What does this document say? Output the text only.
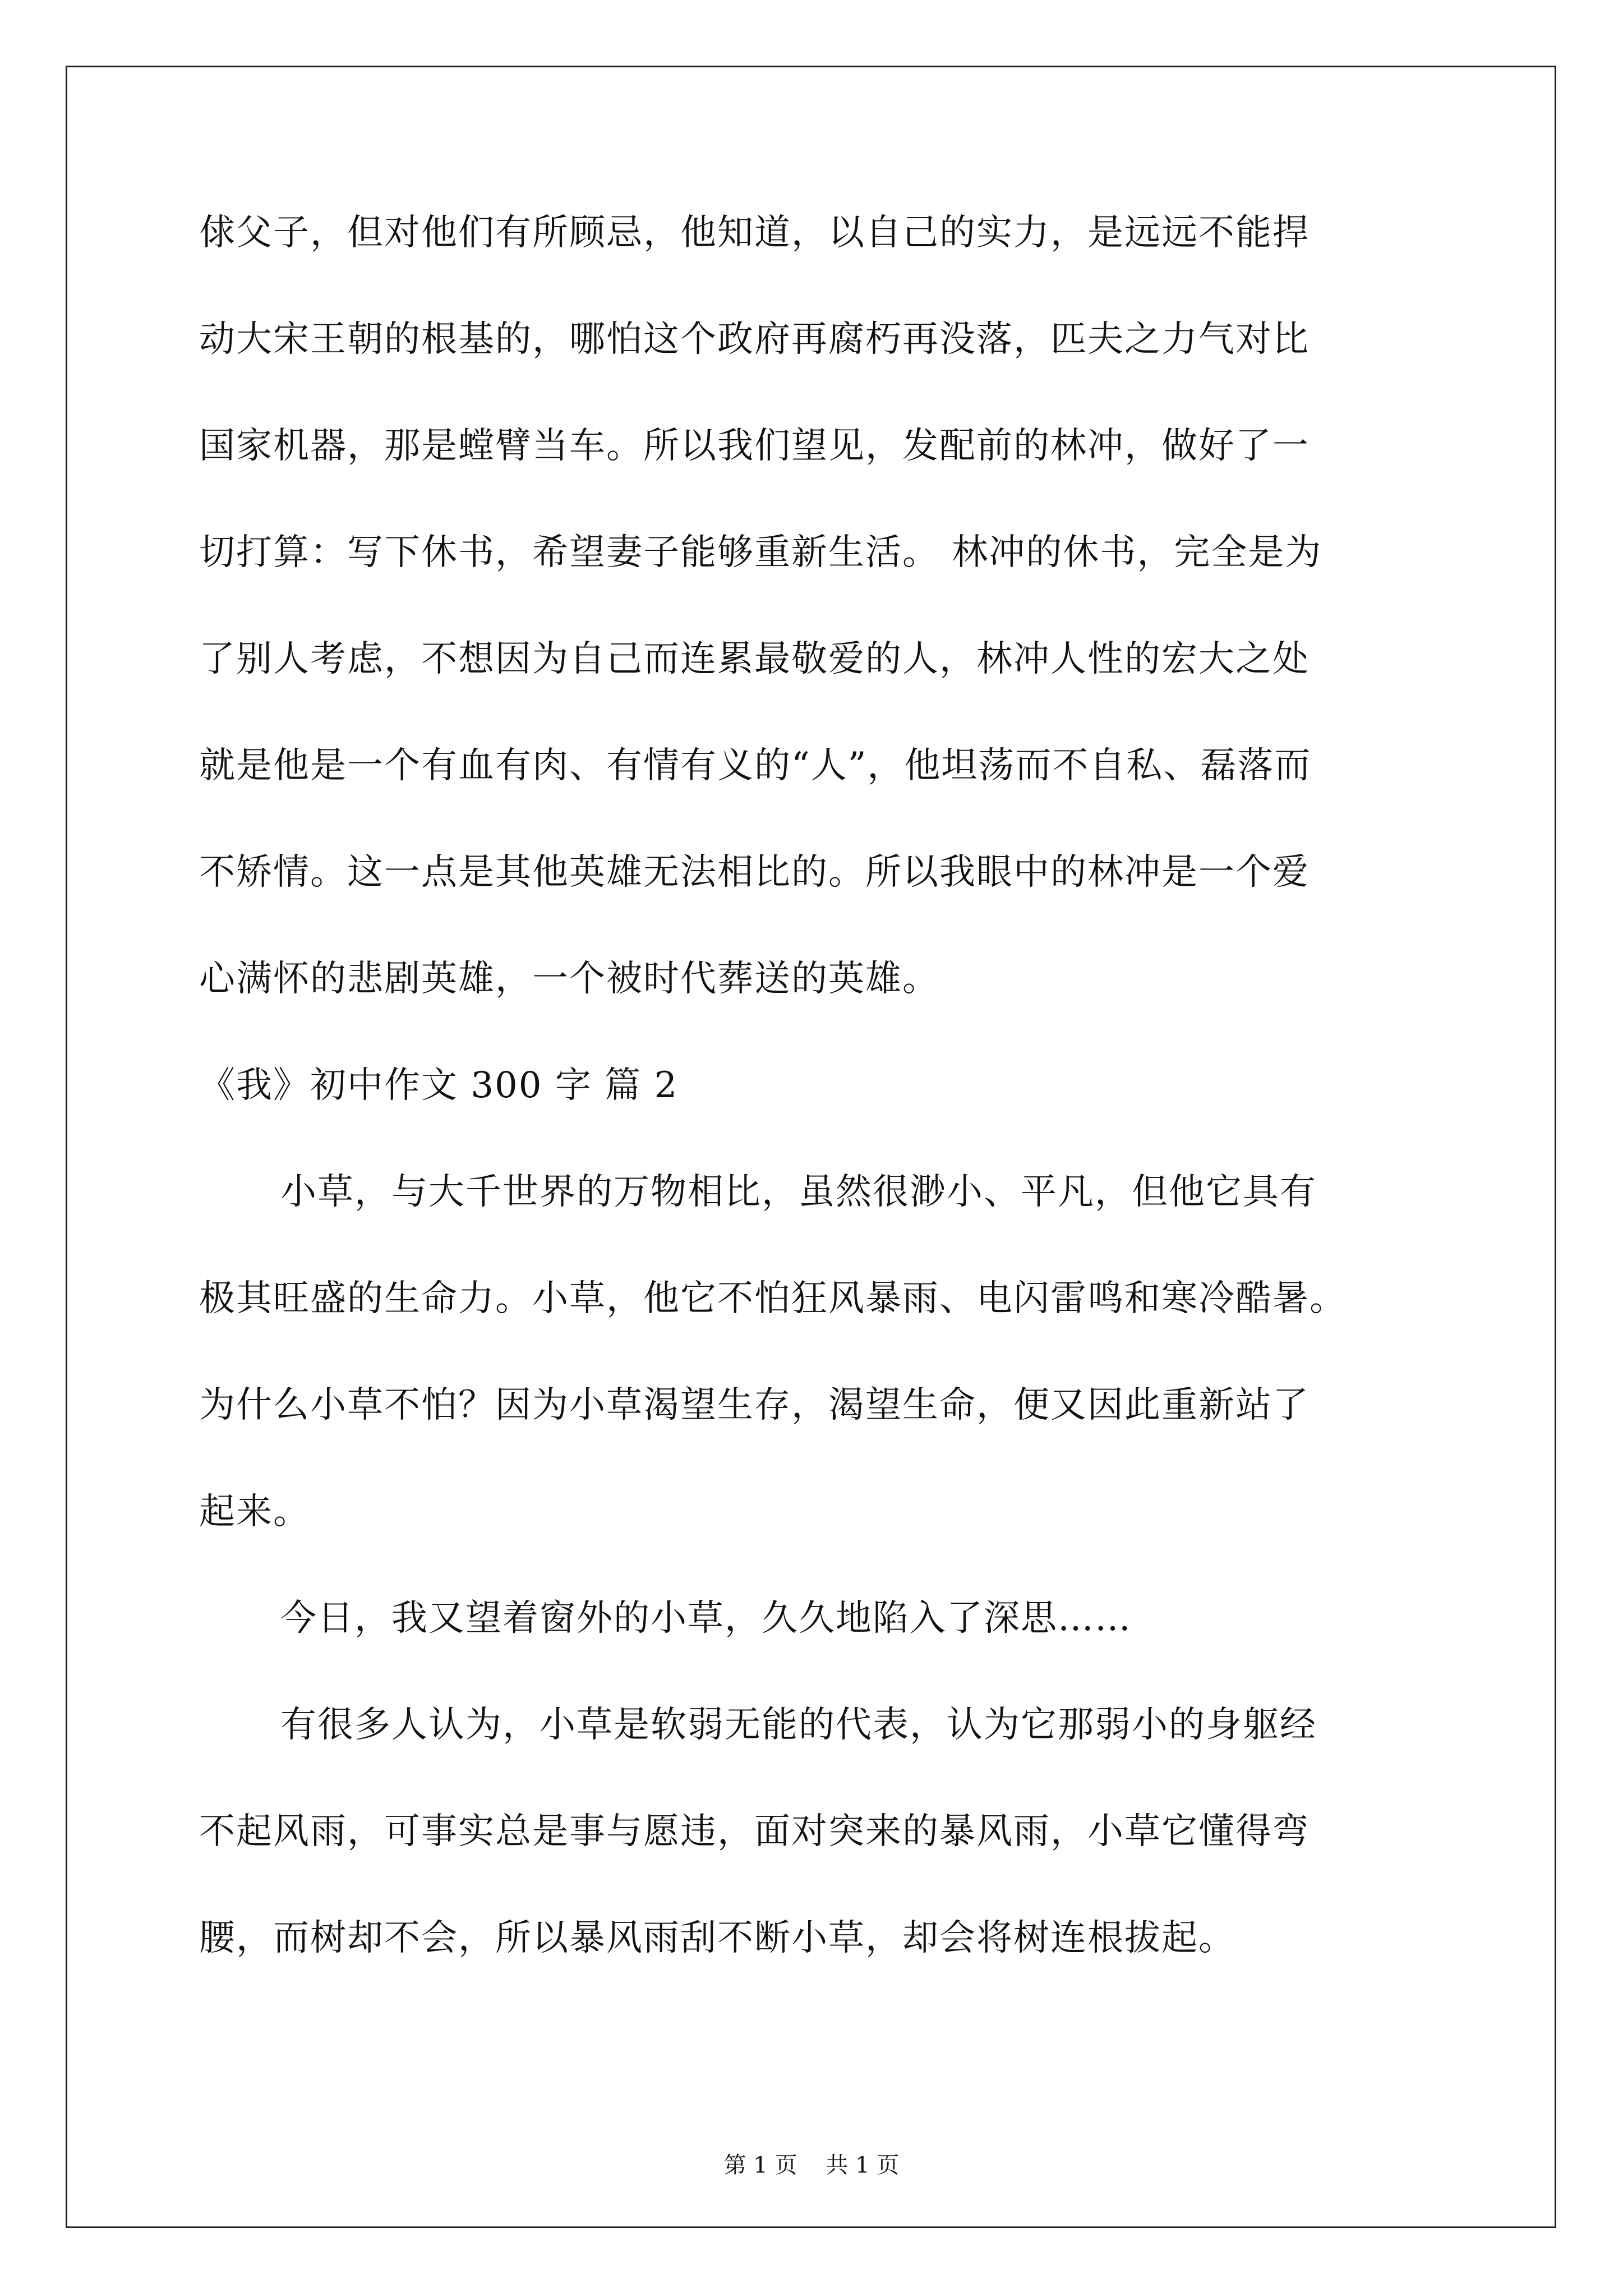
俅父子，但对他们有所顾忌，他知道，以自己的实力，是远远不能捍
动大宋王朝的根基的，哪怕这个政府再腐朽再没落，匹夫之力气对比
国家机器，那是螳臂当车。所以我们望见，发配前的林冲，做好了一
切打算：写下休书，希望妻子能够重新生活。 林冲的休书，完全是为
了别人考虑，不想因为自己而连累最敬爱的人，林冲人性的宏大之处
就是他是一个有血有肉、有情有义的“人”，他坦荡而不自私、磊落而
不矫情。这一点是其他英雄无法相比的。所以我眼中的林冲是一个爱
心满怀的悲剧英雄，一个被时代葬送的英雄。
《我》初中作文 300 字 篇 2
小草，与大千世界的万物相比，虽然很渺小、平凡，但他它具有
极其旺盛的生命力。小草，他它不怕狂风暴雨、电闪雷鸣和寒冷酷暑。
为什么小草不怕？因为小草渴望生存，渴望生命，便又因此重新站了
起来。
今日，我又望着窗外的小草，久久地陷入了深思……
有很多人认为，小草是软弱无能的代表，认为它那弱小的身躯经
不起风雨，可事实总是事与愿违，面对突来的暴风雨，小草它懂得弯
腰，而树却不会，所以暴风雨刮不断小草，却会将树连根拔起。
第 1 页    共 1 页
